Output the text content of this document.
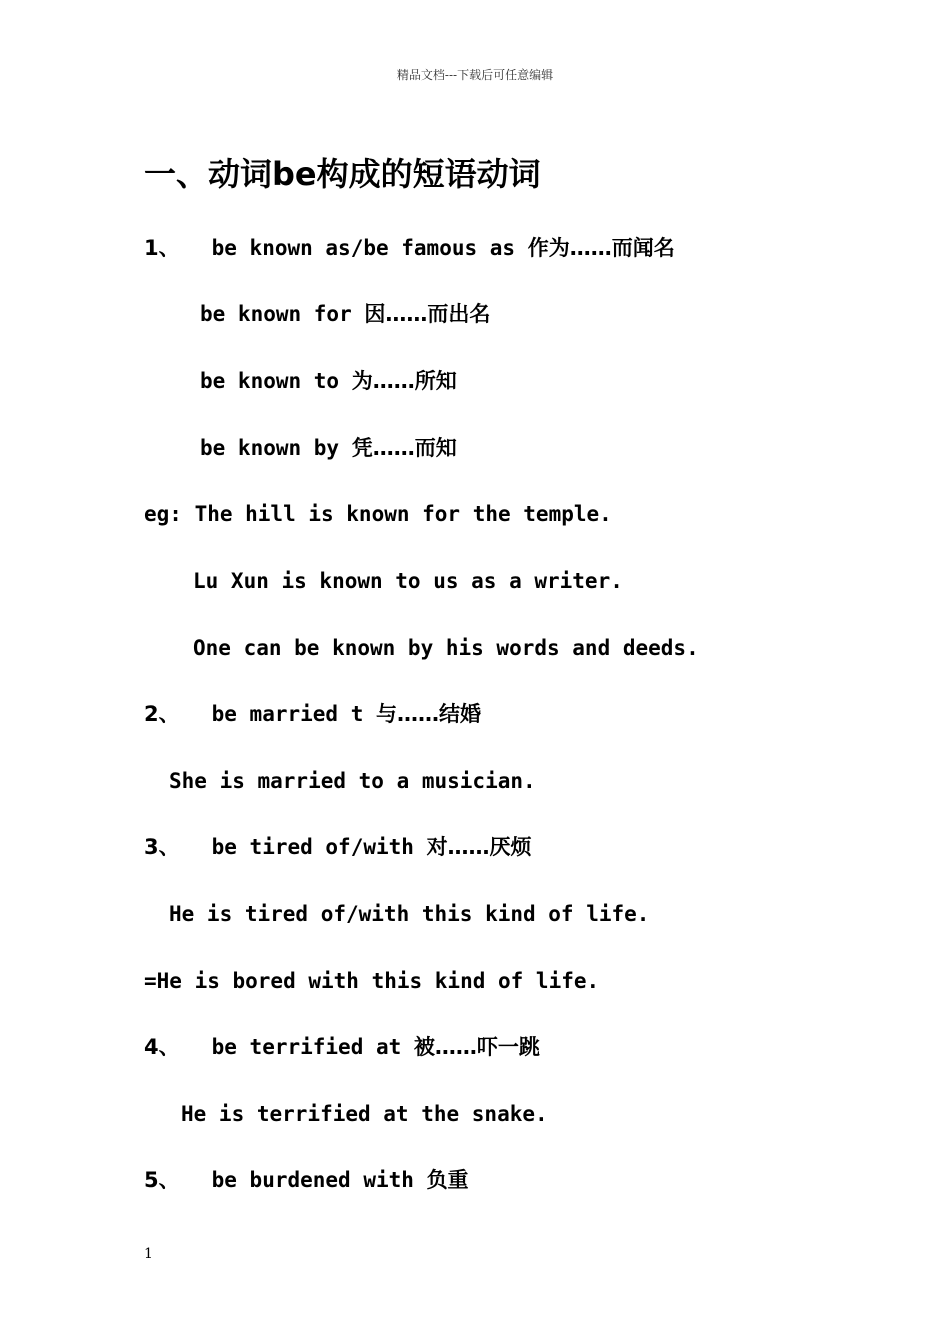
精品文档---下载后可任意编辑
一、动词be构成的短语动词
1、 be known as/be famous as 作为……而闻名
be known for 因……而出名
be known to 为……所知
be known by 凭……而知
eg: The hill is known for the temple.
Lu Xun is known to us as a writer.
One can be known by his words and deeds.
2、 be married t 与……结婚
She is married to a musician.
3、 be tired of/with 对……厌烦
He is tired of/with this kind of life.
=He is bored with this kind of life.
4、 be terrified at 被……吓一跳
He is terrified at the snake.
5、 be burdened with 负重
1
